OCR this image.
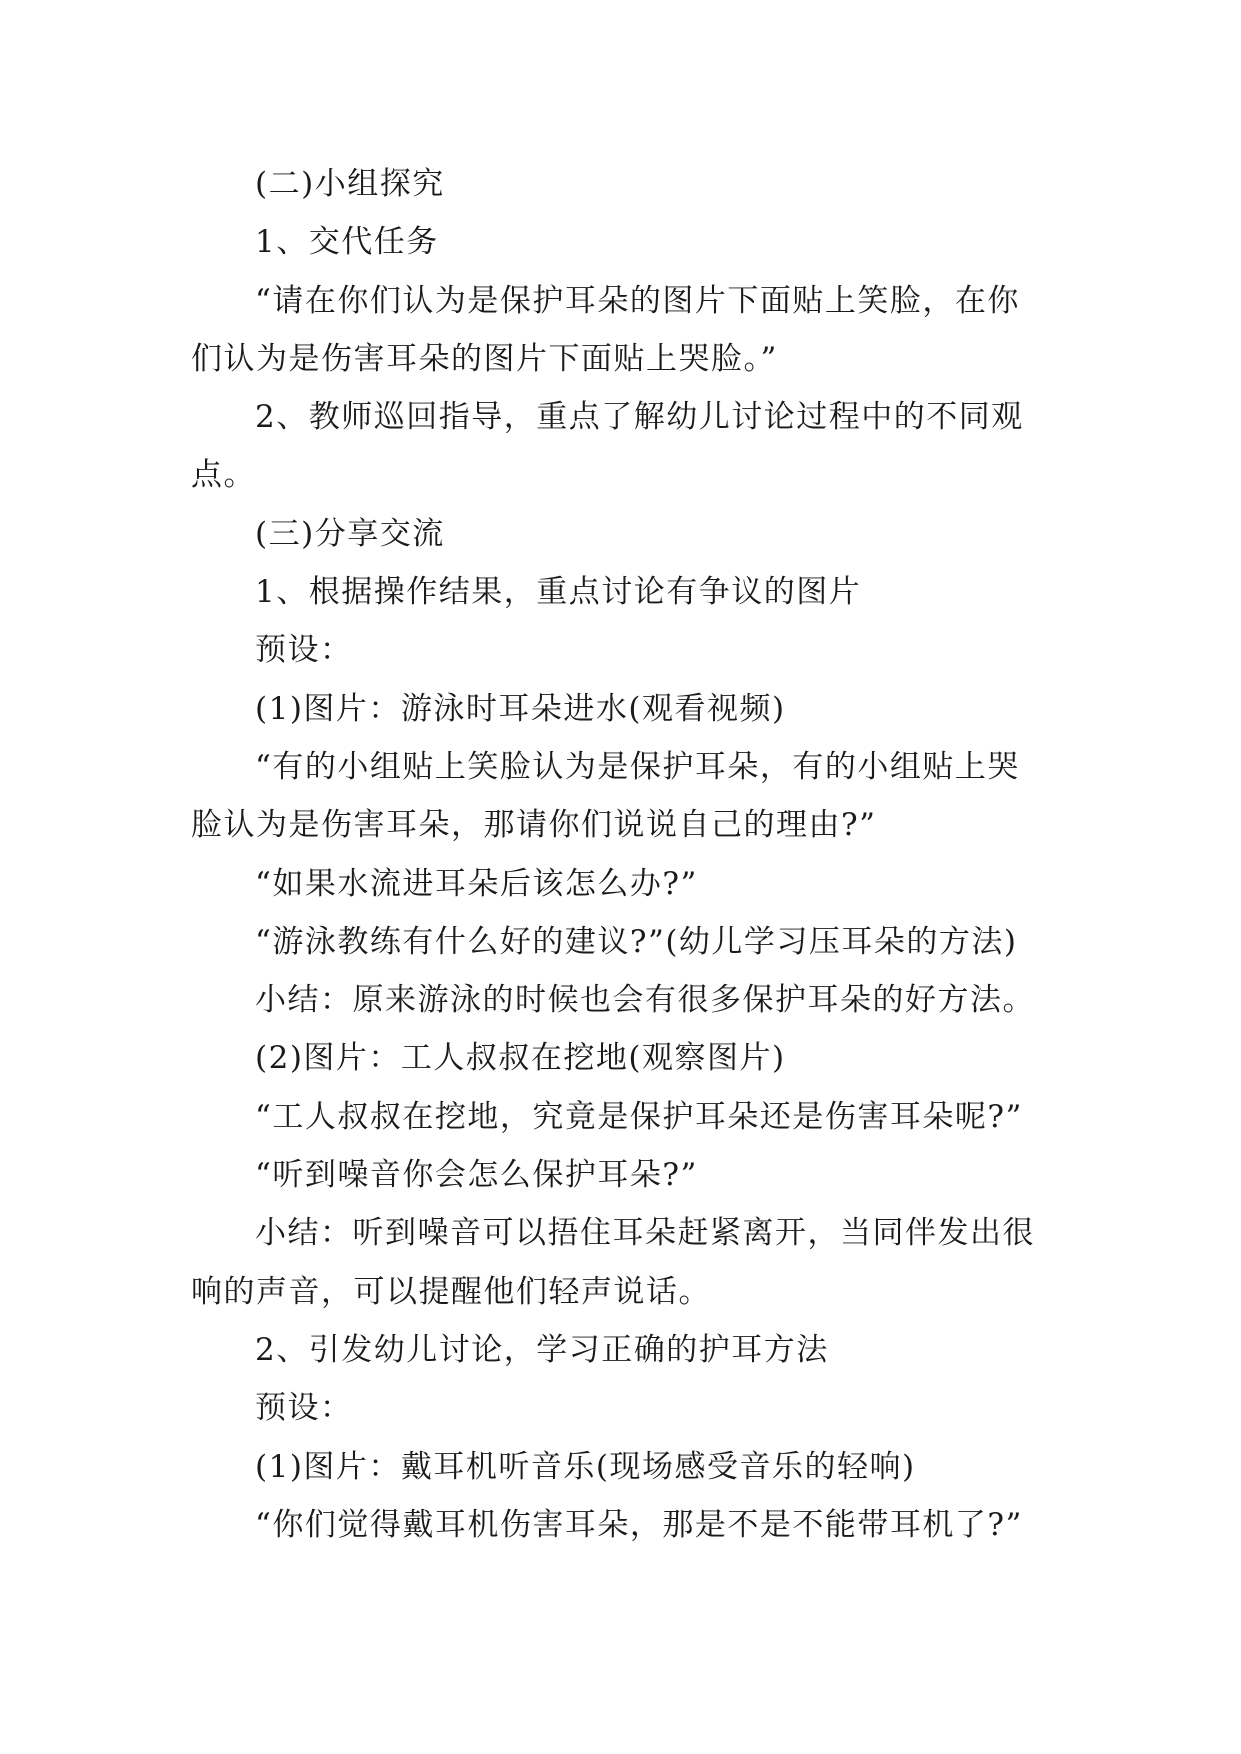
(二)小组探究
1、交代任务
“请在你们认为是保护耳朵的图片下面贴上笑脸，在你
们认为是伤害耳朵的图片下面贴上哭脸。”
2、教师巡回指导，重点了解幼儿讨论过程中的不同观
点。
(三)分享交流
1、根据操作结果，重点讨论有争议的图片
预设：
(1)图片：游泳时耳朵进水(观看视频)
“有的小组贴上笑脸认为是保护耳朵，有的小组贴上哭
脸认为是伤害耳朵，那请你们说说自己的理由?”
“如果水流进耳朵后该怎么办?”
“游泳教练有什么好的建议?”(幼儿学习压耳朵的方法)
小结：原来游泳的时候也会有很多保护耳朵的好方法。
(2)图片：工人叔叔在挖地(观察图片)
“工人叔叔在挖地，究竟是保护耳朵还是伤害耳朵呢?”
“听到噪音你会怎么保护耳朵?”
小结：听到噪音可以捂住耳朵赶紧离开，当同伴发出很
响的声音，可以提醒他们轻声说话。
2、引发幼儿讨论，学习正确的护耳方法
预设：
(1)图片：戴耳机听音乐(现场感受音乐的轻响)
“你们觉得戴耳机伤害耳朵，那是不是不能带耳机了?”
